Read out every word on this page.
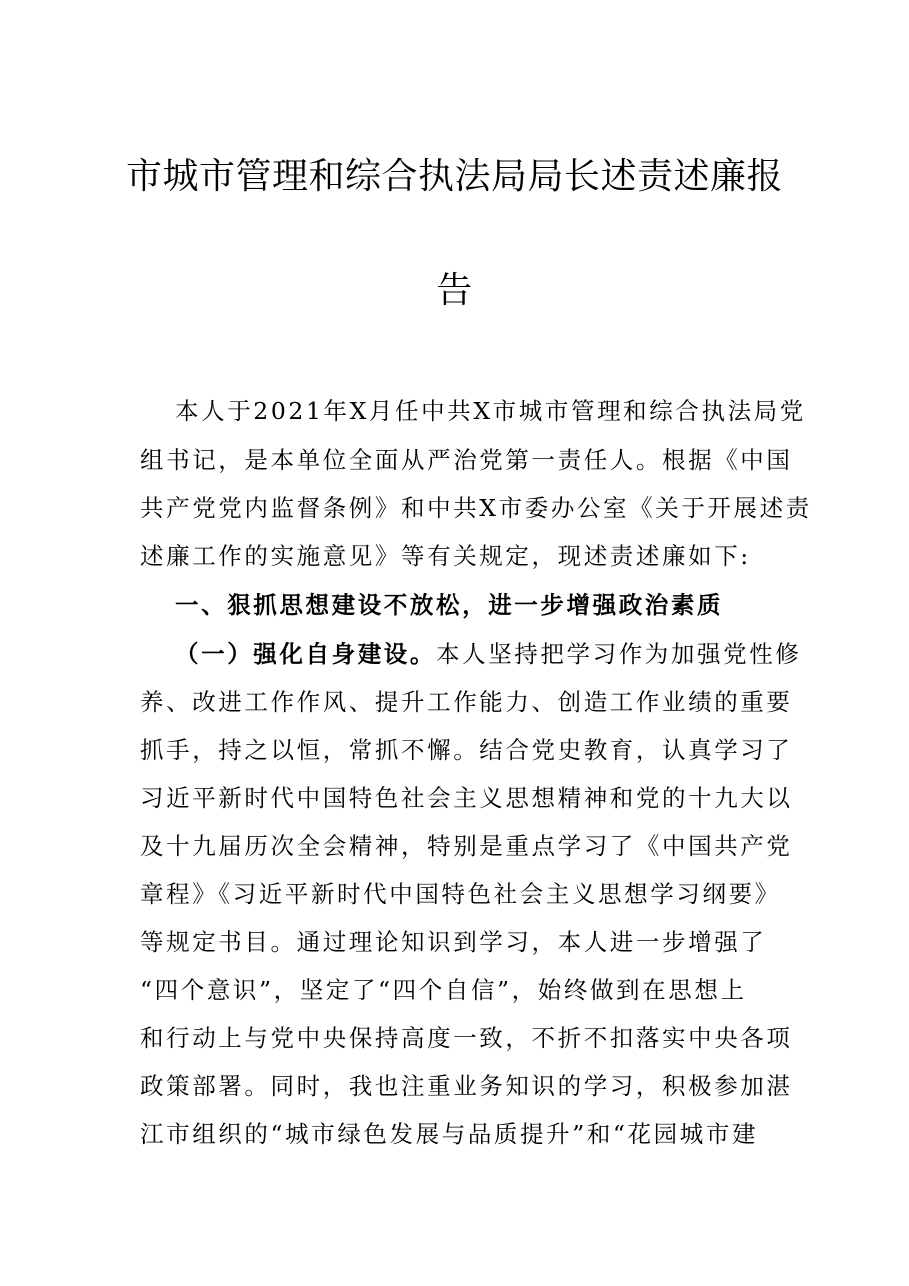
市城市管理和综合执法局局长述责述廉报
告

本人于2021年X月任中共X市城市管理和综合执法局党

组书记，是本单位全面从严治党第一责任人。根据《中国

共产党党内监督条例》和中共X市委办公室《关于开展述责

述廉工作的实施意见》等有关规定，现述责述廉如下:

一、狠抓思想建设不放松，进一步增强政治素质

（一）强化自身建设。本人坚持把学习作为加强党性修

养、改进工作作风、提升工作能力、创造工作业绩的重要

抓手，持之以恒，常抓不懈。结合党史教育，认真学习了

习近平新时代中国特色社会主义思想精神和党的十九大以

及十九届历次全会精神，特别是重点学习了《中国共产党

章程》《习近平新时代中国特色社会主义思想学习纲要》

等规定书目。通过理论知识到学习，本人进一步增强了

“四个意识”，坚定了“四个自信”，始终做到在思想上

和行动上与党中央保持高度一致，不折不扣落实中央各项

政策部署。同时，我也注重业务知识的学习，积极参加湛

江市组织的“城市绿色发展与品质提升”和“花园城市建
